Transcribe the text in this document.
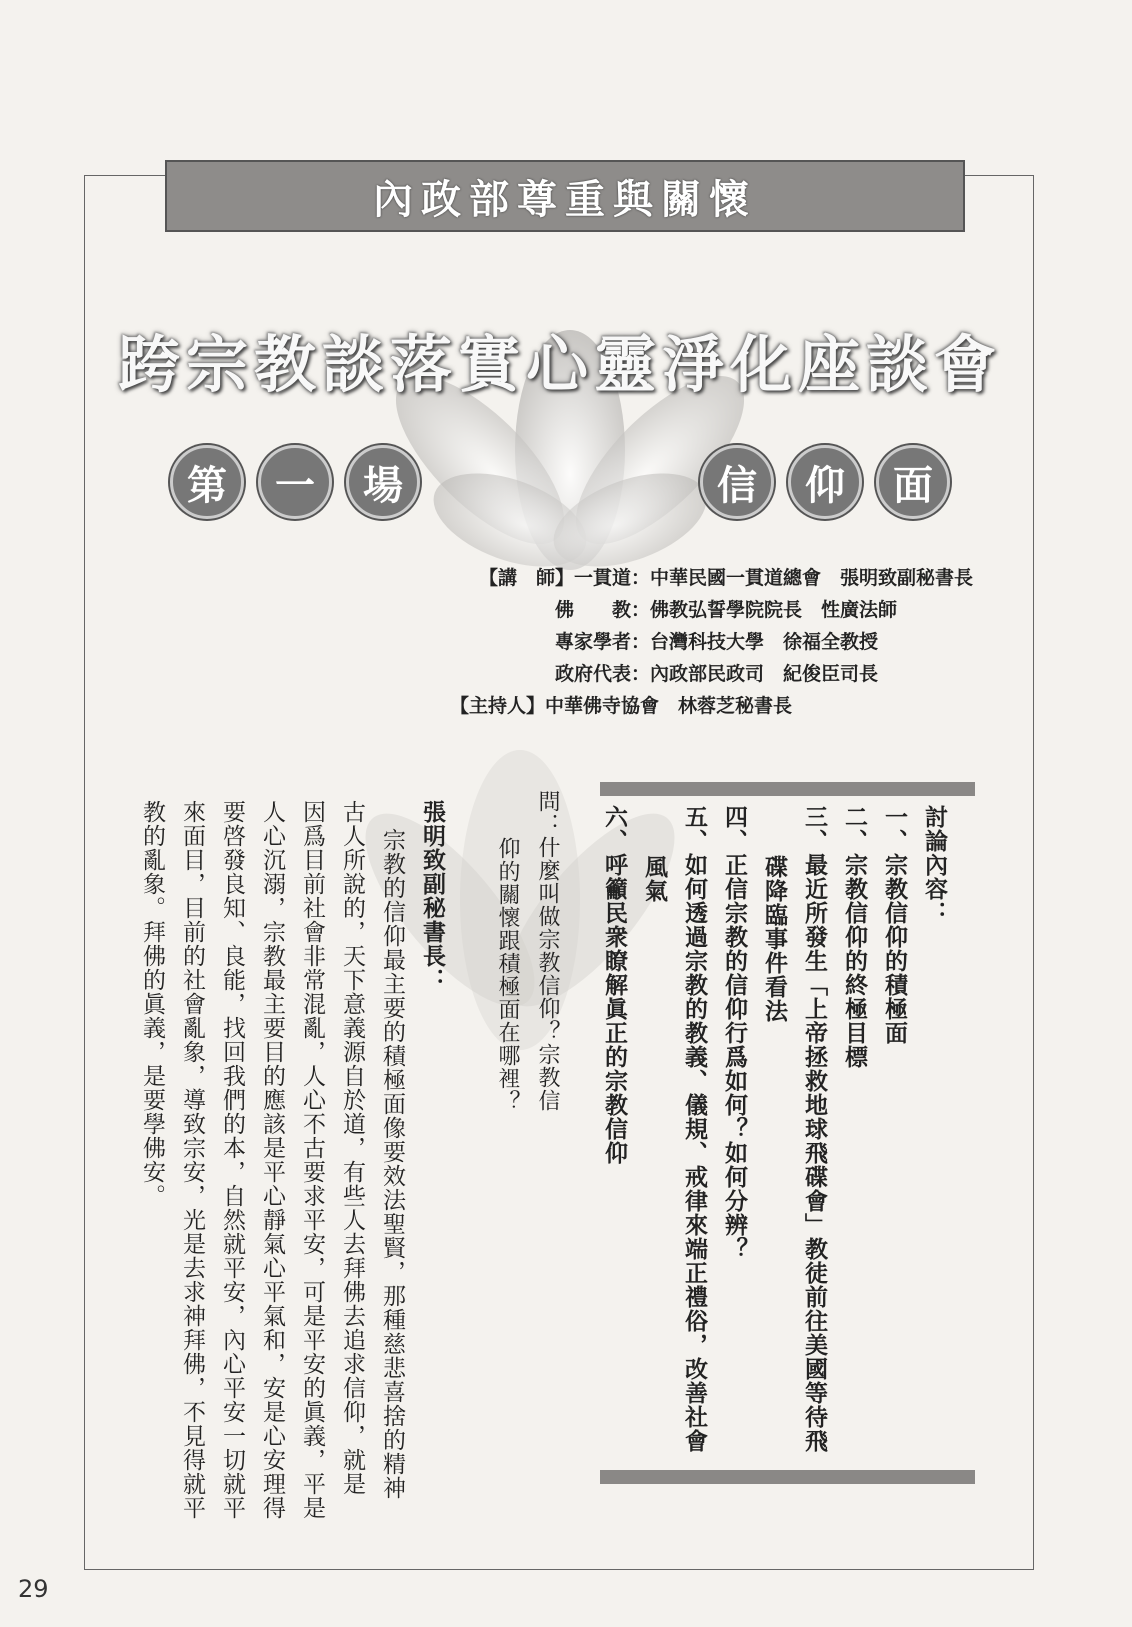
內政部尊重與關懷
跨宗教談落實心靈淨化座談會
第	一	場	信	仰	面
【講　師】一貫道： 中華民國一貫道總會　張明致副秘書長
佛　　教： 佛教弘誓學院院長　性廣法師
專家學者： 台灣科技大學　徐福全教授
政府代表： 內政部民政司　紀俊臣司長
【主持人】 中華佛寺協會　林蓉芝秘書長
討論內容：
一、宗教信仰的積極面
二、宗教信仰的終極目標
三、最近所發生「上帝拯救地球飛碟會」教徒前往美國等待飛
碟降臨事件看法
四、正信宗教的信仰行爲如何？如何分辨？
五、如何透過宗教的教義、儀規、戒律來端正禮俗，改善社會
風氣
六、呼籲民衆瞭解眞正的宗教信仰
問：什麼叫做宗教信仰？宗教信
仰的關懷跟積極面在哪裡？
張明致副秘書長：
宗教的信仰最主要的積極面像要效法聖賢，那種慈悲喜捨的精神
古人所說的，天下意義源自於道，有些人去拜佛去追求信仰，就是
因爲目前社會非常混亂，人心不古要求平安，可是平安的眞義，平是
人心沉溺，宗教最主要目的應該是平心靜氣心平氣和，安是心安理得
要啓發良知、良能，找回我們的本，自然就平安，內心平安一切就平
來面目，目前的社會亂象，導致宗安，光是去求神拜佛，不見得就平
教的亂象。拜佛的眞義，是要學佛安。
29
